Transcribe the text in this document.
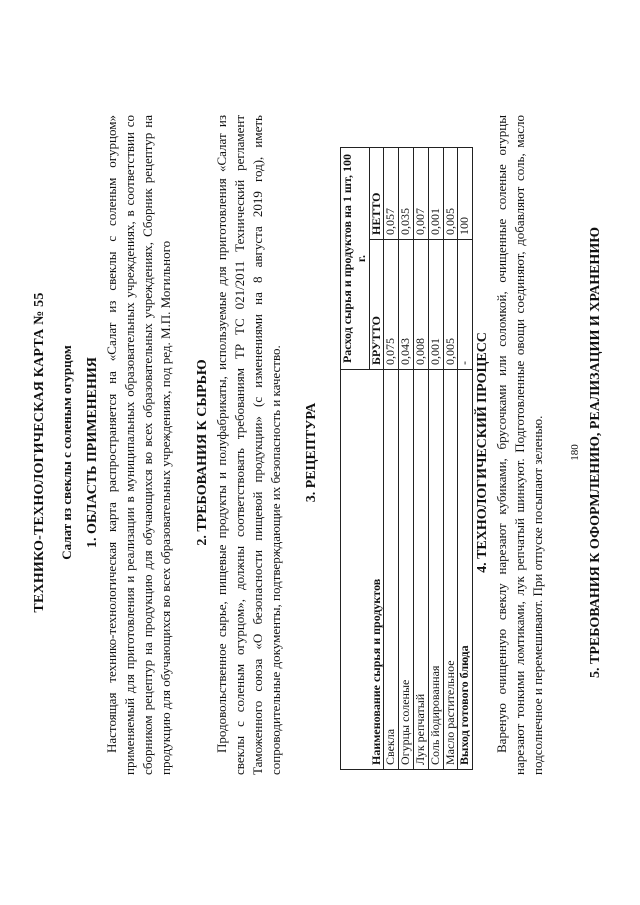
ТЕХНИКО-ТЕХНОЛОГИЧЕСКАЯ КАРТА № 55 Салат из свеклы с соленым огурцом 1. ОБЛАСТЬ ПРИМЕНЕНИЯ Настоящая технико-технологическая карта распространяется на «Салат из свеклы с соленым огурцом» применяемый для приготовления и реализации в муниципальных образовательных учреждениях, в соответствии со сборником рецептур на продукцию для обучающихся во всех образовательных учреждениях, Сборник рецептур на продукцию для обучающихся во всех образовательных учреждениях, под ред. М.П. Могильного 2. ТРЕБОВАНИЯ К СЫРЬЮ Продовольственное сырье, пищевые продукты и полуфабрикаты, используемые для приготовления «Салат из свеклы с соленым огурцом», должны соответствовать требованиям ТР ТС 021/2011 Технический регламент Таможенного союза «О безопасности пищевой продукции» (с изменениями на 8 августа 2019 год), иметь сопроводительные документы, подтверждающие их безопасность и качество. 3. РЕЦЕПТУРА
Наименование сырья и продуктов	Расход сырья и продуктов на 1 шт, 100 г.	
	БРУТТО	НЕТТО
Свекла	0,075	0,057
Огурцы соленые	0,043	0,035
Лук репчатый	0,008	0,007
Соль йодированная	0,001	0,001
Масло растительное	0,005	0,005
Выход готового блюда	-	100
4. ТЕХНОЛОГИЧЕСКИЙ ПРОЦЕСС Вареную очищенную свеклу нарезают кубиками, брусочками или соломкой, очищенные соленые огурцы нарезают тонкими ломтиками, лук репчатый шинкуют. Подготовленные овощи соединяют, добавляют соль, масло подсолнечное и перемешивают. При отпуске посыпают зеленью. 180 5. ТРЕБОВАНИЯ К ОФОРМЛЕНИЮ, РЕАЛИЗАЦИИ И ХРАНЕНИЮ
